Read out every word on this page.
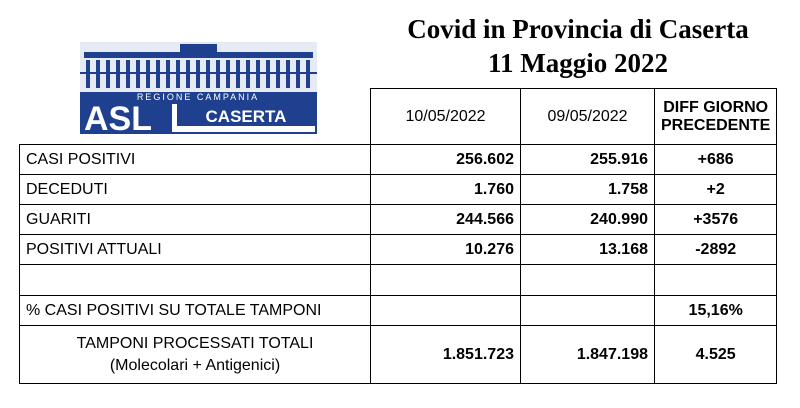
Covid in Provincia di Caserta
11 Maggio 2022
REGIONE CAMPANIA
ASL	CASERTA
		10/05/2022	09/05/2022	DIFF GIORNO
PRECEDENTE

CASI POSITIVI	256.602	255.916	+686
DECEDUTI	1.760	1.758	+2
GUARITI	244.566	240.990	+3576
POSITIVI ATTUALI	10.276	13.168	-2892

% CASI POSITIVI SU TOTALE TAMPONI			15,16%

TAMPONI PROCESSATI TOTALI
(Molecolari + Antigenici)	1.851.723	1.847.198	4.525
